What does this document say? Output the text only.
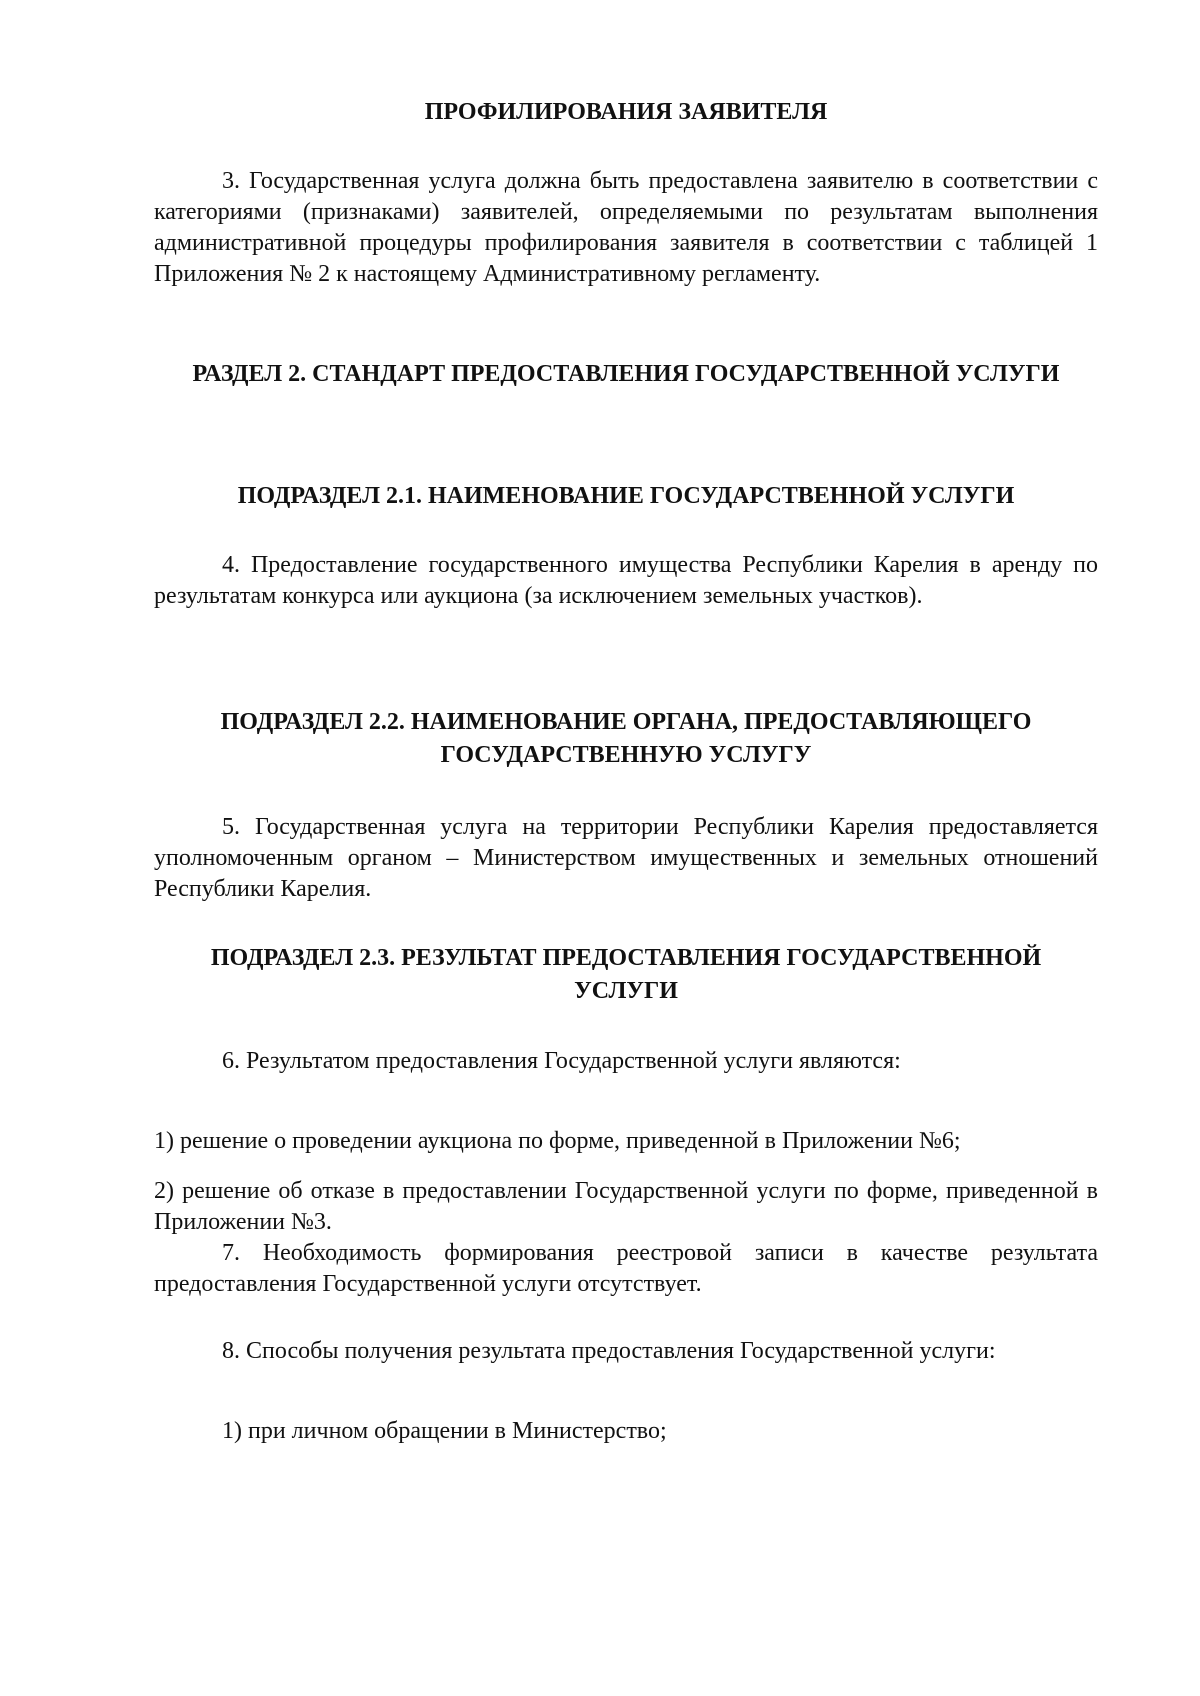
ПРОФИЛИРОВАНИЯ ЗАЯВИТЕЛЯ

3. Государственная услуга должна быть предоставлена заявителю в соответствии с категориями (признаками) заявителей, определяемыми по результатам выполнения административной процедуры профилирования заявителя в соответствии с таблицей 1 Приложения № 2 к настоящему Административному регламенту.

РАЗДЕЛ 2. СТАНДАРТ ПРЕДОСТАВЛЕНИЯ ГОСУДАРСТВЕННОЙ УСЛУГИ

ПОДРАЗДЕЛ 2.1. НАИМЕНОВАНИЕ ГОСУДАРСТВЕННОЙ УСЛУГИ

4. Предоставление государственного имущества Республики Карелия в аренду по результатам конкурса или аукциона (за исключением земельных участков).

ПОДРАЗДЕЛ 2.2. НАИМЕНОВАНИЕ ОРГАНА, ПРЕДОСТАВЛЯЮЩЕГО ГОСУДАРСТВЕННУЮ УСЛУГУ

5. Государственная услуга на территории Республики Карелия предоставляется уполномоченным органом – Министерством имущественных и земельных отношений Республики Карелия.

ПОДРАЗДЕЛ 2.3. РЕЗУЛЬТАТ ПРЕДОСТАВЛЕНИЯ ГОСУДАРСТВЕННОЙ УСЛУГИ

6. Результатом предоставления Государственной услуги являются:

1) решение о проведении аукциона по форме, приведенной в Приложении №6;

2) решение об отказе в предоставлении Государственной услуги по форме, приведенной в Приложении №3.

7. Необходимость формирования реестровой записи в качестве результата предоставления Государственной услуги отсутствует.

8. Способы получения результата предоставления Государственной услуги:

1) при личном обращении в Министерство;
